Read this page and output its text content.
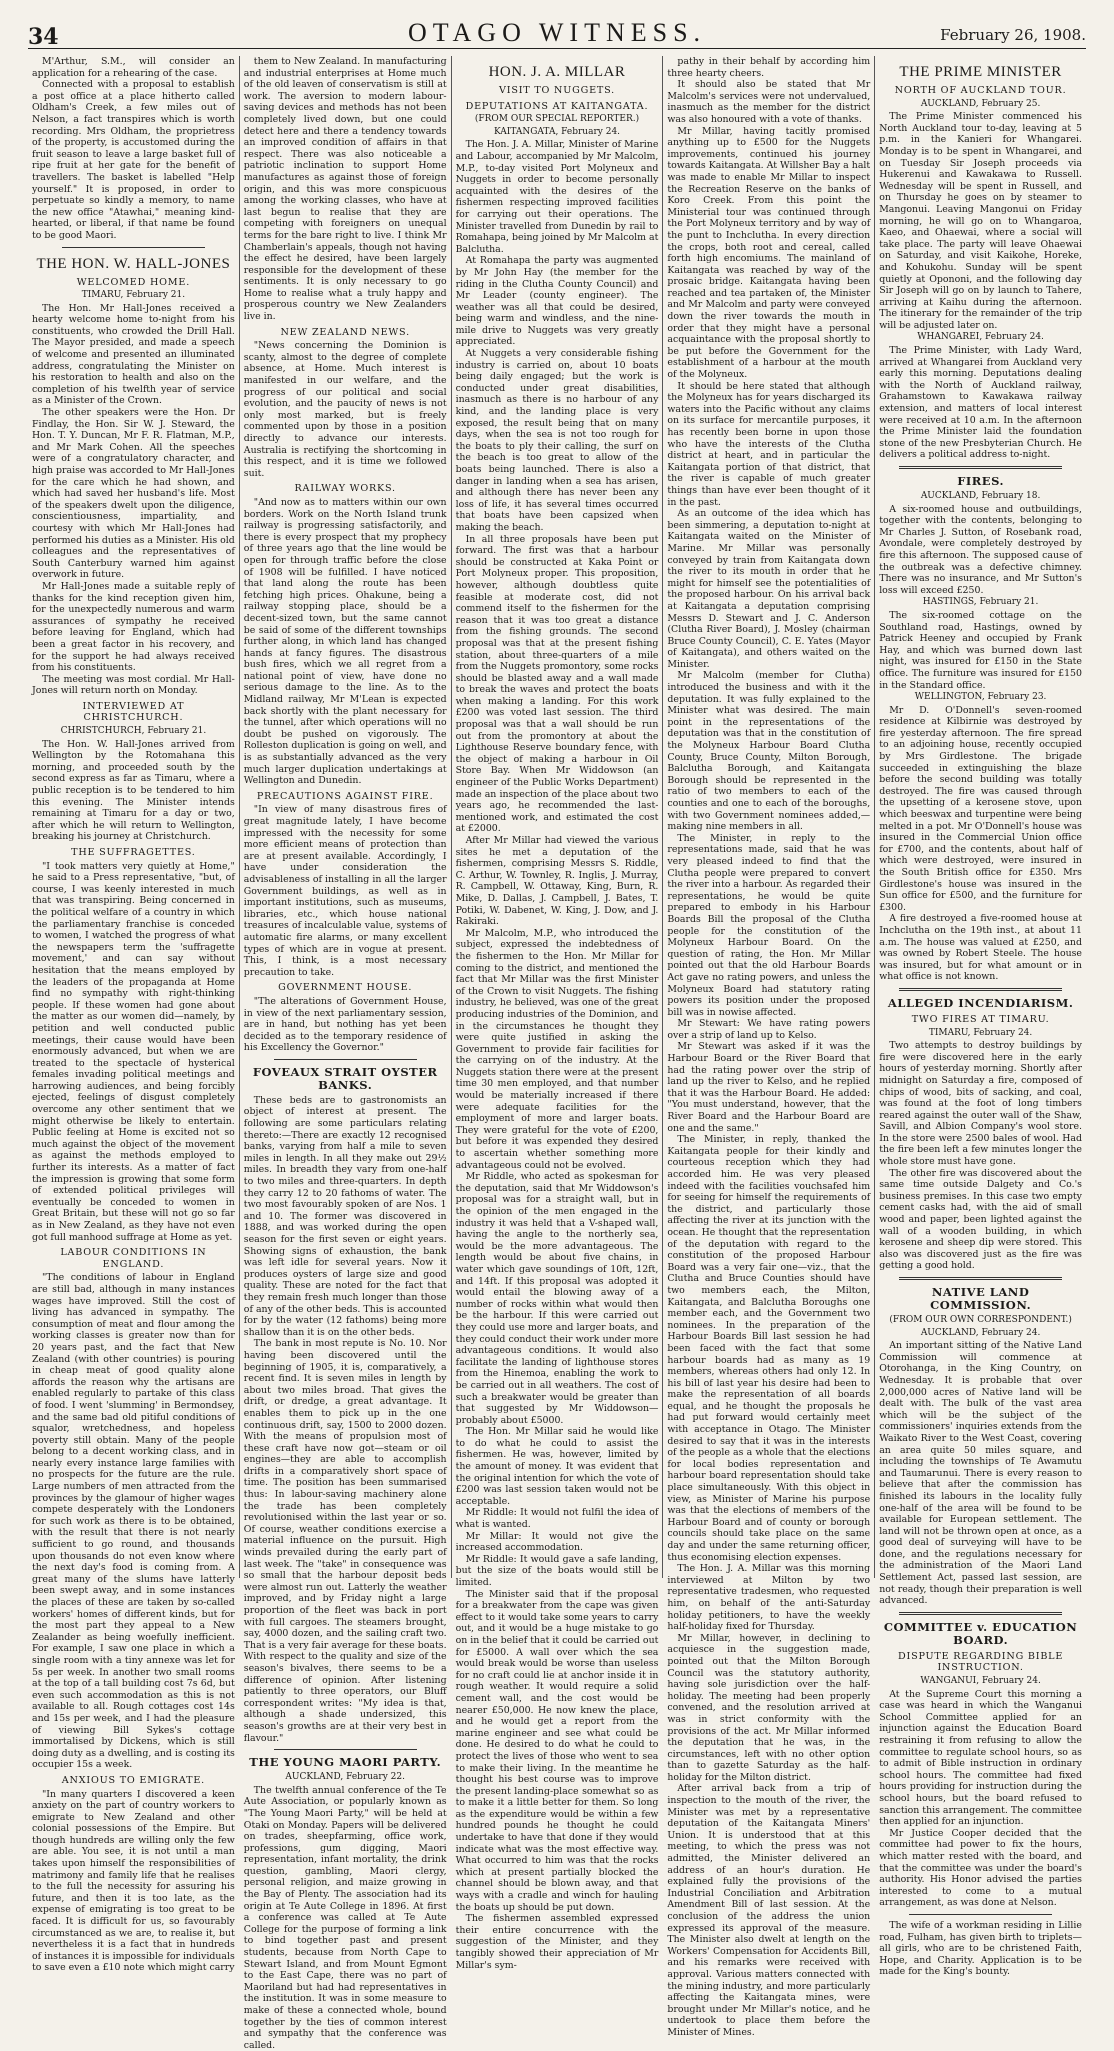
34	OTAGO WITNESS.	February 26, 1908.

M'Arthur, S.M., will consider an application for a rehearing of the case.

Connected with a proposal to establish a post office at a place hitherto called Oldham's Creek, a few miles out of Nelson, a fact transpires which is worth recording. Mrs Oldham, the proprietress of the property, is accustomed during the fruit season to leave a large basket full of ripe fruit at her gate for the benefit of travellers. The basket is labelled "Help yourself." It is proposed, in order to perpetuate so kindly a memory, to name the new office "Atawhai," meaning kind-hearted, or liberal, if that name be found to be good Maori.

THE HON. W. HALL-JONES
WELCOMED HOME.
TIMARU, February 21.

The Hon. Mr Hall-Jones received a hearty welcome home to-night from his constituents, who crowded the Drill Hall. The Mayor presided, and made a speech of welcome and presented an illuminated address, congratulating the Minister on his restoration to health and also on the completion of his twelfth year of service as a Minister of the Crown.

The other speakers were the Hon. Dr Findlay, the Hon. Sir W. J. Steward, the Hon. T. Y. Duncan, Mr F. R. Flatman, M.P., and Mr Mark Cohen. All the speeches were of a congratulatory character, and high praise was accorded to Mr Hall-Jones for the care which he had shown, and which had saved her husband's life. Most of the speakers dwelt upon the diligence, conscientiousness, impartiality, and courtesy with which Mr Hall-Jones had performed his duties as a Minister. His old colleagues and the representatives of South Canterbury warned him against overwork in future.

Mr Hall-Jones made a suitable reply of thanks for the kind reception given him, for the unexpectedly numerous and warm assurances of sympathy he received before leaving for England, which had been a great factor in his recovery, and for the support he had always received from his constituents.

The meeting was most cordial. Mr Hall-Jones will return north on Monday.

INTERVIEWED AT CHRISTCHURCH.
CHRISTCHURCH, February 21.

The Hon. W. Hall-Jones arrived from Wellington by the Rotomahana this morning, and proceeded south by the second express as far as Timaru, where a public reception is to be tendered to him this evening. The Minister intends remaining at Timaru for a day or two, after which he will return to Wellington, breaking his journey at Christchurch.

THE SUFFRAGETTES.

"I took matters very quietly at Home," he said to a Press representative, "but, of course, I was keenly interested in much that was transpiring. Being concerned in the political welfare of a country in which the parliamentary franchise is conceded to women, I watched the progress of what the newspapers term the 'suffragette movement,' and can say without hesitation that the means employed by the leaders of the propaganda at Home find no sympathy with right-thinking people. If these women had gone about the matter as our women did—namely, by petition and well conducted public meetings, their cause would have been enormously advanced, but when we are treated to the spectacle of hysterical females invading political meetings and harrowing audiences, and being forcibly ejected, feelings of disgust completely overcome any other sentiment that we might otherwise be likely to entertain. Public feeling at Home is excited not so much against the object of the movement as against the methods employed to further its interests. As a matter of fact the impression is growing that some form of extended political privileges will eventually be conceded to women in Great Britain, but these will not go so far as in New Zealand, as they have not even got full manhood suffrage at Home as yet.

LABOUR CONDITIONS IN ENGLAND.

"The conditions of labour in England are still bad, although in many instances wages have improved. Still the cost of living has advanced in sympathy. The consumption of meat and flour among the working classes is greater now than for 20 years past, and the fact that New Zealand (with other countries) is pouring in cheap meat of good quality alone affords the reason why the artisans are enabled regularly to partake of this class of food. I went 'slumming' in Bermondsey, and the same bad old pitiful conditions of squalor, wretchedness, and hopeless poverty still obtain. Many of the people belong to a decent working class, and in nearly every instance large families with no prospects for the future are the rule. Large numbers of men attracted from the provinces by the glamour of higher wages compete desperately with the Londoners for such work as there is to be obtained, with the result that there is not nearly sufficient to go round, and thousands upon thousands do not even know where the next day's food is coming from. A great many of the slums have latterly been swept away, and in some instances the places of these are taken by so-called workers' homes of different kinds, but for the most part they appeal to a New Zealander as being woefully inefficient. For example, I saw one place in which a single room with a tiny annexe was let for 5s per week. In another two small rooms at the top of a tall building cost 7s 6d, but even such accommodation as this is not available to all. Rough cottages cost 14s and 15s per week, and I had the pleasure of viewing Bill Sykes's cottage immortalised by Dickens, which is still doing duty as a dwelling, and is costing its occupier 15s a week.

ANXIOUS TO EMIGRATE.

"In many quarters I discovered a keen anxiety on the part of country workers to emigrate to New Zealand and other colonial possessions of the Empire. But though hundreds are willing only the few are able. You see, it is not until a man takes upon himself the responsibilities of matrimony and family life that he realises to the full the necessity for assuring his future, and then it is too late, as the expense of emigrating is too great to be faced. It is difficult for us, so favourably circumstanced as we are, to realise it, but nevertheless it is a fact that in hundreds of instances it is impossible for individuals to save even a £10 note which might carry

them to New Zealand. In manufacturing and industrial enterprises at Home much of the old leaven of conservatism is still at work. The aversion to modern labour-saving devices and methods has not been completely lived down, but one could detect here and there a tendency towards an improved condition of affairs in that respect. There was also noticeable a patriotic inclination to support Home manufactures as against those of foreign origin, and this was more conspicuous among the working classes, who have at last begun to realise that they are competing with foreigners on unequal terms for the bare right to live. I think Mr Chamberlain's appeals, though not having the effect he desired, have been largely responsible for the development of these sentiments. It is only necessary to go Home to realise what a truly happy and prosperous country we New Zealanders live in.

NEW ZEALAND NEWS.

"News concerning the Dominion is scanty, almost to the degree of complete absence, at Home. Much interest is manifested in our welfare, and the progress of our political and social evolution, and the paucity of news is not only most marked, but is freely commented upon by those in a position directly to advance our interests. Australia is rectifying the shortcoming in this respect, and it is time we followed suit.

RAILWAY WORKS.

"And now as to matters within our own borders. Work on the North Island trunk railway is progressing satisfactorily, and there is every prospect that my prophecy of three years ago that the line would be open for through traffic before the close of 1908 will be fulfilled. I have noticed that land along the route has been fetching high prices. Ohakune, being a railway stopping place, should be a decent-sized town, but the same cannot be said of some of the different townships further along, in which land has changed hands at fancy figures. The disastrous bush fires, which we all regret from a national point of view, have done no serious damage to the line. As to the Midland railway, Mr M'Lean is expected back shortly with the plant necessary for the tunnel, after which operations will no doubt be pushed on vigorously. The Rolleston duplication is going on well, and is as substantially advanced as the very much larger duplication undertakings at Wellington and Dunedin.

PRECAUTIONS AGAINST FIRE.

"In view of many disastrous fires of great magnitude lately, I have become impressed with the necessity for some more efficient means of protection than are at present available. Accordingly, I have under consideration the advisableness of installing in all the larger Government buildings, as well as in important institutions, such as museums, libraries, etc., which house national treasures of incalculable value, systems of automatic fire alarms, or many excellent types of which are in vogue at present. This, I think, is a most necessary precaution to take.

GOVERNMENT HOUSE.

"The alterations of Government House, in view of the next parliamentary session, are in hand, but nothing has yet been decided as to the temporary residence of his Excellency the Governor."

FOVEAUX STRAIT OYSTER BANKS.

These beds are to gastronomists an object of interest at present. The following are some particulars relating thereto:—There are exactly 12 recognised banks, varying from half a mile to seven miles in length. In all they make out 29½ miles. In breadth they vary from one-half to two miles and three-quarters. In depth they carry 12 to 20 fathoms of water. The two most favourably spoken of are Nos. 1 and 10. The former was discovered in 1888, and was worked during the open season for the first seven or eight years. Showing signs of exhaustion, the bank was left idle for several years. Now it produces oysters of large size and good quality. These are noted for the fact that they remain fresh much longer than those of any of the other beds. This is accounted for by the water (12 fathoms) being more shallow than it is on the other beds.

The bank in most repute is No. 10. Nor having been discovered until the beginning of 1905, it is, comparatively, a recent find. It is seven miles in length by about two miles broad. That gives the drift, or dredge, a great advantage. It enables them to pick up in the one continuous drift, say, 1500 to 2000 dozen. With the means of propulsion most of these craft have now got—steam or oil engines—they are able to accomplish drifts in a comparatively short space of time. The position has been summarised thus: In labour-saving machinery alone the trade has been completely revolutionised within the last year or so. Of course, weather conditions exercise a material influence on the pursuit. High winds prevailed during the early part of last week. The "take" in consequence was so small that the harbour deposit beds were almost run out. Latterly the weather improved, and by Friday night a large proportion of the fleet was back in port with full cargoes. The steamers brought, say, 4000 dozen, and the sailing craft two. That is a very fair average for these boats. With respect to the quality and size of the season's bivalves, there seems to be a difference of opinion. After listening patiently to three operators, our Bluff correspondent writes: "My idea is that, although a shade undersized, this season's growths are at their very best in flavour."

THE YOUNG MAORI PARTY.
AUCKLAND, February 22.

The twelfth annual conference of the Te Aute Association, or popularly known as "The Young Maori Party," will be held at Otaki on Monday. Papers will be delivered on trades, sheepfarming, office work, professions, gum digging, Maori representation, infant mortality, the drink question, gambling, Maori clergy, personal religion, and maize growing in the Bay of Plenty. The association had its origin at Te Aute College in 1896. At first a conference was called at Te Aute College for the purpose of forming a link to bind together past and present students, because from North Cape to Stewart Island, and from Mount Egmont to the East Cape, there was no part of Maoriland but had had representatives in the institution. It was in some measure to make of these a connected whole, bound together by the ties of common interest and sympathy that the conference was called.

HON. J. A. MILLAR
VISIT TO NUGGETS.
DEPUTATIONS AT KAITANGATA.
(FROM OUR SPECIAL REPORTER.)
KAITANGATA, February 24.

The Hon. J. A. Millar, Minister of Marine and Labour, accompanied by Mr Malcolm, M.P., to-day visited Port Molyneux and Nuggets in order to become personally acquainted with the desires of the fishermen respecting improved facilities for carrying out their operations. The Minister travelled from Dunedin by rail to Romahapa, being joined by Mr Malcolm at Balclutha.

At Romahapa the party was augmented by Mr John Hay (the member for the riding in the Clutha County Council) and Mr Leader (county engineer). The weather was all that could be desired, being warm and windless, and the nine-mile drive to Nuggets was very greatly appreciated.

At Nuggets a very considerable fishing industry is carried on, about 10 boats being daily engaged; but the work is conducted under great disabilities, inasmuch as there is no harbour of any kind, and the landing place is very exposed, the result being that on many days, when the sea is not too rough for the boats to ply their calling, the surf on the beach is too great to allow of the boats being launched. There is also a danger in landing when a sea has arisen, and although there has never been any loss of life, it has several times occurred that boats have been capsized when making the beach.

In all three proposals have been put forward. The first was that a harbour should be constructed at Kaka Point or Port Molyneux proper. This proposition, however, although doubtless quite feasible at moderate cost, did not commend itself to the fishermen for the reason that it was too great a distance from the fishing grounds. The second proposal was that at the present fishing station, about three-quarters of a mile from the Nuggets promontory, some rocks should be blasted away and a wall made to break the waves and protect the boats when making a landing. For this work £200 was voted last session. The third proposal was that a wall should be run out from the promontory at about the Lighthouse Reserve boundary fence, with the object of making a harbour in Oil Store Bay. When Mr Widdowson (an engineer of the Public Works Department) made an inspection of the place about two years ago, he recommended the last-mentioned work, and estimated the cost at £2000.

After Mr Millar had viewed the various sites he met a deputation of the fishermen, comprising Messrs S. Riddle, C. Arthur, W. Townley, R. Inglis, J. Murray, R. Campbell, W. Ottaway, King, Burn, R. Mike, D. Dallas, J. Campbell, J. Bates, T. Potiki, W. Dabenet, W. King, J. Dow, and J. Rakiraki.

Mr Malcolm, M.P., who introduced the subject, expressed the indebtedness of the fishermen to the Hon. Mr Millar for coming to the district, and mentioned the fact that Mr Millar was the first Minister of the Crown to visit Nuggets. The fishing industry, he believed, was one of the great producing industries of the Dominion, and in the circumstances he thought they were quite justified in asking the Government to provide fair facilities for the carrying on of the industry. At the Nuggets station there were at the present time 30 men employed, and that number would be materially increased if there were adequate facilities for the employment of more and larger boats. They were grateful for the vote of £200, but before it was expended they desired to ascertain whether something more advantageous could not be evolved.

Mr Riddle, who acted as spokesman for the deputation, said that Mr Widdowson's proposal was for a straight wall, but in the opinion of the men engaged in the industry it was held that a V-shaped wall, having the angle to the northerly sea, would be the more advantageous. The length would be about five chains, in water which gave soundings of 10ft, 12ft, and 14ft. If this proposal was adopted it would entail the blowing away of a number of rocks within what would then be the harbour. If this were carried out they could use more and larger boats, and they could conduct their work under more advantageous conditions. It would also facilitate the landing of lighthouse stores from the Hinemoa, enabling the work to be carried out in all weathers. The cost of such a breakwater would be greater than that suggested by Mr Widdowson—probably about £5000.

The Hon. Mr Millar said he would like to do what he could to assist the fishermen. He was, however, limited by the amount of money. It was evident that the original intention for which the vote of £200 was last session taken would not be acceptable.

Mr Riddle: It would not fulfil the idea of what is wanted.

Mr Millar: It would not give the increased accommodation.

Mr Riddle: It would gave a safe landing, but the size of the boats would still be limited.

The Minister said that if the proposal for a breakwater from the cape was given effect to it would take some years to carry out, and it would be a huge mistake to go on in the belief that it could be carried out for £5000. A wall over which the sea would break would be worse than useless for no craft could lie at anchor inside it in rough weather. It would require a solid cement wall, and the cost would be nearer £50,000. He now knew the place, and he would get a report from the marine engineer and see what could be done. He desired to do what he could to protect the lives of those who went to sea to make their living. In the meantime he thought his best course was to improve the present landing-place somewhat so as to make it a little better for them. So long as the expenditure would be within a few hundred pounds he thought he could undertake to have that done if they would indicate what was the most effective way. What occurred to him was that the rocks which at present partially blocked the channel should be blown away, and that ways with a cradle and winch for hauling the boats up should be put down.

The fishermen assembled expressed their entire concurrence with the suggestion of the Minister, and they tangibly showed their appreciation of Mr Millar's sym-

pathy in their behalf by according him three hearty cheers.

It should also be stated that Mr Malcolm's services were not undervalued, inasmuch as the member for the district was also honoured with a vote of thanks.

Mr Millar, having tacitly promised anything up to £500 for the Nuggets improvements, continued his journey towards Kaitangata. At Willsher Bay a halt was made to enable Mr Millar to inspect the Recreation Reserve on the banks of Koro Creek. From this point the Ministerial tour was continued through the Port Molyneux territory and by way of the punt to Inchclutha. In every direction the crops, both root and cereal, called forth high encomiums. The mainland of Kaitangata was reached by way of the prosaic bridge. Kaitangata having been reached and tea partaken of, the Minister and Mr Malcolm and party were conveyed down the river towards the mouth in order that they might have a personal acquaintance with the proposal shortly to be put before the Government for the establishment of a harbour at the mouth of the Molyneux.

It should be here stated that although the Molyneux has for years discharged its waters into the Pacific without any claims on its surface for mercantile purposes, it has recently been borne in upon those who have the interests of the Clutha district at heart, and in particular the Kaitangata portion of that district, that the river is capable of much greater things than have ever been thought of it in the past.

As an outcome of the idea which has been simmering, a deputation to-night at Kaitangata waited on the Minister of Marine. Mr Millar was personally conveyed by train from Kaitangata down the river to its mouth in order that he might for himself see the potentialities of the proposed harbour. On his arrival back at Kaitangata a deputation comprising Messrs D. Stewart and J. C. Anderson (Clutha River Board), J. Mosley (chairman Bruce County Council), C. E. Yates (Mayor of Kaitangata), and others waited on the Minister.

Mr Malcolm (member for Clutha) introduced the business and with it the deputation. It was fully explained to the Minister what was desired. The main point in the representations of the deputation was that in the constitution of the Molyneux Harbour Board Clutha County, Bruce County, Milton Borough, Balclutha Borough, and Kaitangata Borough should be represented in the ratio of two members to each of the counties and one to each of the boroughs, with two Government nominees added,—making nine members in all.

The Minister, in reply to the representations made, said that he was very pleased indeed to find that the Clutha people were prepared to convert the river into a harbour. As regarded their representations, he would be quite prepared to embody in his Harbour Boards Bill the proposal of the Clutha people for the constitution of the Molyneux Harbour Board. On the question of rating, the Hon. Mr Millar pointed out that the old Harbour Boards Act gave no rating powers, and unless the Molyneux Board had statutory rating powers its position under the proposed bill was in nowise affected.

Mr Stewart: We have rating powers over a strip of land up to Kelso.

Mr Stewart was asked if it was the Harbour Board or the River Board that had the rating power over the strip of land up the river to Kelso, and he replied that it was the Harbour Board. He added: "You must understand, however, that the River Board and the Harbour Board are one and the same."

The Minister, in reply, thanked the Kaitangata people for their kindly and courteous reception which they had accorded him. He was very pleased indeed with the facilities vouchsafed him for seeing for himself the requirements of the district, and particularly those affecting the river at its junction with the ocean. He thought that the representation of the deputation with regard to the constitution of the proposed Harbour Board was a very fair one—viz., that the Clutha and Bruce Counties should have two members each, the Milton, Kaitangata, and Balclutha Boroughs one member each, and the Government two nominees. In the preparation of the Harbour Boards Bill last session he had been faced with the fact that some harbour boards had as many as 19 members, whereas others had only 12. In his bill of last year his desire had been to make the representation of all boards equal, and he thought the proposals he had put forward would certainly meet with acceptance in Otago. The Minister desired to say that it was in the interests of the people as a whole that the elections for local bodies representation and harbour board representation should take place simultaneously. With this object in view, as Minister of Marine his purpose was that the elections of members of the Harbour Board and of county or borough councils should take place on the same day and under the same returning officer, thus economising election expenses.

The Hon. J. A. Millar was this morning interviewed at Milton by two representative tradesmen, who requested him, on behalf of the anti-Saturday holiday petitioners, to have the weekly half-holiday fixed for Thursday.

Mr Millar, however, in declining to acquiesce in the suggestion made, pointed out that the Milton Borough Council was the statutory authority, having sole jurisdiction over the half-holiday. The meeting had been properly convened, and the resolution arrived at was in strict conformity with the provisions of the act. Mr Millar informed the deputation that he was, in the circumstances, left with no other option than to gazette Saturday as the half-holiday for the Milton district.

After arrival back from a trip of inspection to the mouth of the river, the Minister was met by a representative deputation of the Kaitangata Miners' Union. It is understood that at this meeting, to which the press was not admitted, the Minister delivered an address of an hour's duration. He explained fully the provisions of the Industrial Conciliation and Arbitration Amendment Bill of last session. At the conclusion of the address the union expressed its approval of the measure. The Minister also dwelt at length on the Workers' Compensation for Accidents Bill, and his remarks were received with approval. Various matters connected with the mining industry, and more particularly affecting the Kaitangata mines, were brought under Mr Millar's notice, and he undertook to place them before the Minister of Mines.

THE PRIME MINISTER
NORTH OF AUCKLAND TOUR.
AUCKLAND, February 25.

The Prime Minister commenced his North Auckland tour to-day, leaving at 5 p.m. in the Kanieri for Whangarei. Monday is to be spent in Whangarei, and on Tuesday Sir Joseph proceeds via Hukerenui and Kawakawa to Russell. Wednesday will be spent in Russell, and on Thursday he goes on by steamer to Mangonui. Leaving Mangonui on Friday morning, he will go on to Whangaroa, Kaeo, and Ohaewai, where a social will take place. The party will leave Ohaewai on Saturday, and visit Kaikohe, Horeke, and Kohukohu. Sunday will be spent quietly at Opononi, and the following day Sir Joseph will go on by launch to Tahere, arriving at Kaihu during the afternoon. The itinerary for the remainder of the trip will be adjusted later on.

WHANGAREI, February 24.

The Prime Minister, with Lady Ward, arrived at Whangarei from Auckland very early this morning. Deputations dealing with the North of Auckland railway, Grahamstown to Kawakawa railway extension, and matters of local interest were received at 10 a.m. In the afternoon the Prime Minister laid the foundation stone of the new Presbyterian Church. He delivers a political address to-night.

FIRES.
AUCKLAND, February 18.

A six-roomed house and outbuildings, together with the contents, belonging to Mr Charles J. Sutton, of Rosebank road, Avondale, were completely destroyed by fire this afternoon. The supposed cause of the outbreak was a defective chimney. There was no insurance, and Mr Sutton's loss will exceed £250.

HASTINGS, February 21.

The six-roomed cottage on the Southland road, Hastings, owned by Patrick Heeney and occupied by Frank Hay, and which was burned down last night, was insured for £150 in the State office. The furniture was insured for £150 in the Standard office.

WELLINGTON, February 23.

Mr D. O'Donnell's seven-roomed residence at Kilbirnie was destroyed by fire yesterday afternoon. The fire spread to an adjoining house, recently occupied by Mrs Girdlestone. The brigade succeeded in extinguishing the blaze before the second building was totally destroyed. The fire was caused through the upsetting of a kerosene stove, upon which beeswax and turpentine were being melted in a pot. Mr O'Donnell's house was insured in the Commercial Union office for £700, and the contents, about half of which were destroyed, were insured in the South British office for £350. Mrs Girdlestone's house was insured in the Sun office for £500, and the furniture for £300.

A fire destroyed a five-roomed house at Inchclutha on the 19th inst., at about 11 a.m. The house was valued at £250, and was owned by Robert Steele. The house was insured, but for what amount or in what office is not known.

ALLEGED INCENDIARISM.
TWO FIRES AT TIMARU.
TIMARU, February 24.

Two attempts to destroy buildings by fire were discovered here in the early hours of yesterday morning. Shortly after midnight on Saturday a fire, composed of chips of wood, bits of sacking, and coal, was found at the foot of long timbers reared against the outer wall of the Shaw, Savill, and Albion Company's wool store. In the store were 2500 bales of wool. Had the fire been left a few minutes longer the whole store must have gone.

The other fire was discovered about the same time outside Dalgety and Co.'s business premises. In this case two empty cement casks had, with the aid of small wood and paper, been lighted against the wall of a wooden building, in which kerosene and sheep dip were stored. This also was discovered just as the fire was getting a good hold.

NATIVE LAND COMMISSION.
(FROM OUR OWN CORRESPONDENT.)
AUCKLAND, February 24.

An important sitting of the Native Land Commission will commence at Otorohanga, in the King Country, on Wednesday. It is probable that over 2,000,000 acres of Native land will be dealt with. The bulk of the vast area which will be the subject of the commissioners' inquiries extends from the Waikato River to the West Coast, covering an area quite 50 miles square, and including the townships of Te Awamutu and Taumarunui. There is every reason to believe that after the commission has finished its labours in the locality fully one-half of the area will be found to be available for European settlement. The land will not be thrown open at once, as a good deal of surveying will have to be done, and the regulations necessary for the administration of the Maori Land Settlement Act, passed last session, are not ready, though their preparation is well advanced.

COMMITTEE v. EDUCATION BOARD.
DISPUTE REGARDING BIBLE INSTRUCTION.
WANGANUI, February 24.

At the Supreme Court this morning a case was heard in which the Wanganui School Committee applied for an injunction against the Education Board restraining it from refusing to allow the committee to regulate school hours, so as to admit of Bible instruction in ordinary school hours. The committee had fixed hours providing for instruction during the school hours, but the board refused to sanction this arrangement. The committee then applied for an injunction.

Mr Justice Cooper decided that the committee had power to fix the hours, which matter rested with the board, and that the committee was under the board's authority. His Honor advised the parties interested to come to a mutual arrangement, as was done at Nelson.

The wife of a workman residing in Lillie road, Fulham, has given birth to triplets—all girls, who are to be christened Faith, Hope, and Charity. Application is to be made for the King's bounty.
